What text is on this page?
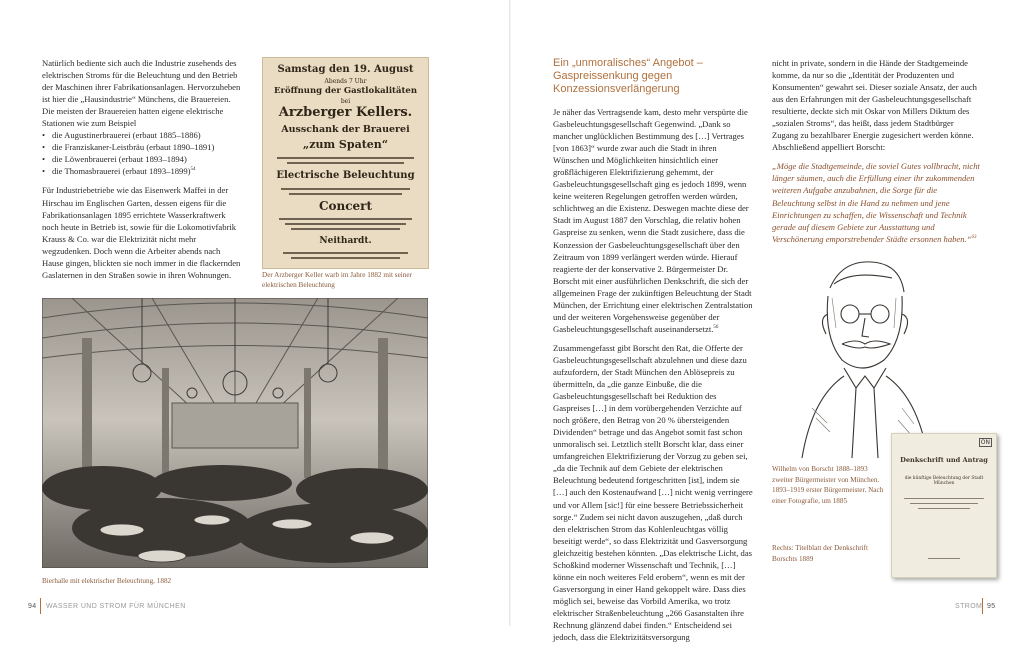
Natürlich bediente sich auch die Industrie zusehends des elektrischen Stroms für die Beleuchtung und den Betrieb der Maschinen ihrer Fabrikationsanlagen. Hervorzuheben ist hier die „Hausindustrie“ Münchens, die Brauereien. Die meisten der Brauereien hatten eigene elektrische Stationen wie zum Beispiel

• die Augustinerbrauerei (erbaut 1885–1886)
• die Franziskaner-Leistbräu (erbaut 1890–1891)
• die Löwenbrauerei (erbaut 1893–1894)
• die Thomasbrauerei (erbaut 1893–1899)$^{54}$

Für Industriebetriebe wie das Eisenwerk Maffei in der Hirschau im Englischen Garten, dessen eigens für die Fabrikationsanlagen 1895 errichtete Wasserkraftwerk noch heute in Betrieb ist, sowie für die Lokomotivfabrik Krauss & Co. war die Elektrizität nicht mehr wegzudenken. Doch wenn die Arbeiter abends nach Hause gingen, blickten sie noch immer in die flackernden Gaslaternen in den Straßen sowie in ihren Wohnungen.

Samstag den 19. August
Abends 7 Uhr
Eröffnung der Gastlokalitäten
bei
Arzberger Kellers.
Ausschank der Brauerei
„zum Spaten“
Electrische Beleuchtung
Concert
Neithardt.
Der Arzberger Keller warb im Jahre 1882 mit seiner elektrischen Beleuchtung
Bierhalle mit elektrischer Beleuchtung, 1882
94 WASSER UND STROM FÜR MÜNCHEN
Ein „unmoralisches“ Angebot – Gaspreissenkung gegen Konzessionsverlängerung

Je näher das Vertragsende kam, desto mehr verspürte die Gasbeleuchtungsgesellschaft Gegenwind. „Dank so mancher unglücklichen Bestimmung des […] Vertrages [von 1863]“ wurde zwar auch die Stadt in ihren Wünschen und Möglichkeiten hinsichtlich einer großflächigeren Elektrifizierung gehemmt, der Gasbeleuchtungsgesellschaft ging es jedoch 1899, wenn keine weiteren Regelungen getroffen werden würden, schlichtweg an die Existenz. Deswegen machte diese der Stadt im August 1887 den Vorschlag, die relativ hohen Gaspreise zu senken, wenn die Stadt zusichere, dass die Konzession der Gasbeleuchtungsgesellschaft über den Zeitraum von 1899 verlängert werden würde. Hierauf reagierte der der konservative 2. Bürgermeister Dr. Borscht mit einer ausführlichen Denkschrift, die sich der allgemeinen Frage der zukünftigen Beleuchtung der Stadt München, der Errichtung einer elektrischen Zentralstation und der weiteren Vorgehensweise gegenüber der Gasbeleuchtungsgesellschaft auseinandersetzt.$^{56}$

Zusammengefasst gibt Borscht den Rat, die Offerte der Gasbeleuchtungsgesellschaft abzulehnen und diese dazu aufzufordern, der Stadt München den Ablösepreis zu übermitteln, da „die ganze Einbuße, die die Gasbeleuchtungsgesellschaft bei Reduktion des Gaspreises […] in dem vorübergehenden Verzichte auf noch größere, den Betrag von 20 % übersteigenden Dividenden“ betrage und das Angebot somit fast schon unmoralisch sei. Letztlich stellt Borscht klar, dass einer umfangreichen Elektrifizierung der Vorzug zu geben sei, „da die Technik auf dem Gebiete der elektrischen Beleuchtung bedeutend fortgeschritten [ist], indem sie […] auch den Kostenaufwand […] nicht wenig verringere und vor Allem [sic!] für eine bessere Betriebssicherheit sorge.“ Zudem sei nicht davon auszugehen, „daß durch den elektrischen Strom das Kohlenleuchtgas völlig beseitigt werde“, so dass Elektrizität und Gasversorgung gleichzeitig bestehen könnten. „Das elektrische Licht, das Schoßkind moderner Wissenschaft und Technik, […] könne ein noch weiteres Feld erobern“, wenn es mit der Gasversorgung in einer Hand gekoppelt wäre. Dass dies möglich sei, beweise das Vorbild Amerika, wo trotz elektrischer Straßenbeleuchtung „266 Gasanstalten ihre Rechnung glänzend dabei finden.“ Entscheidend sei jedoch, dass die Elektrizitätsversorgung

nicht in private, sondern in die Hände der Stadtgemeinde komme, da nur so die „Identität der Produzenten und Konsumenten“ gewahrt sei. Dieser soziale Ansatz, der auch aus den Erfahrungen mit der Gasbeleuchtungsgesellschaft resultierte, deckte sich mit Oskar von Millers Diktum des „sozialen Stroms“, das heißt, dass jedem Stadtbürger Zugang zu bezahlbarer Energie zugesichert werden könne. Abschließend appelliert Borscht:

„Möge die Stadtgemeinde, die soviel Gutes vollbracht, nicht länger säumen, auch die Erfüllung einer ihr zukommenden weiteren Aufgabe anzubahnen, die Sorge für die Beleuchtung selbst in die Hand zu nehmen und jene Einrichtungen zu schaffen, die Wissenschaft und Technik gerade auf diesem Gebiete zur Ausstattung und Verschönerung emporstrebender Städte ersonnen haben.“$^{63}$

Wilhelm von Borscht 1888–1893 zweiter Bürgermeister von München. 1893–1919 erster Bürgermeister. Nach einer Fotografie, um 1885
Rechts: Titelblatt der Denkschrift Borschts 1889
ON
Denkschrift und Antrag
die künftige Beleuchtung der Stadt München
STROM 95
